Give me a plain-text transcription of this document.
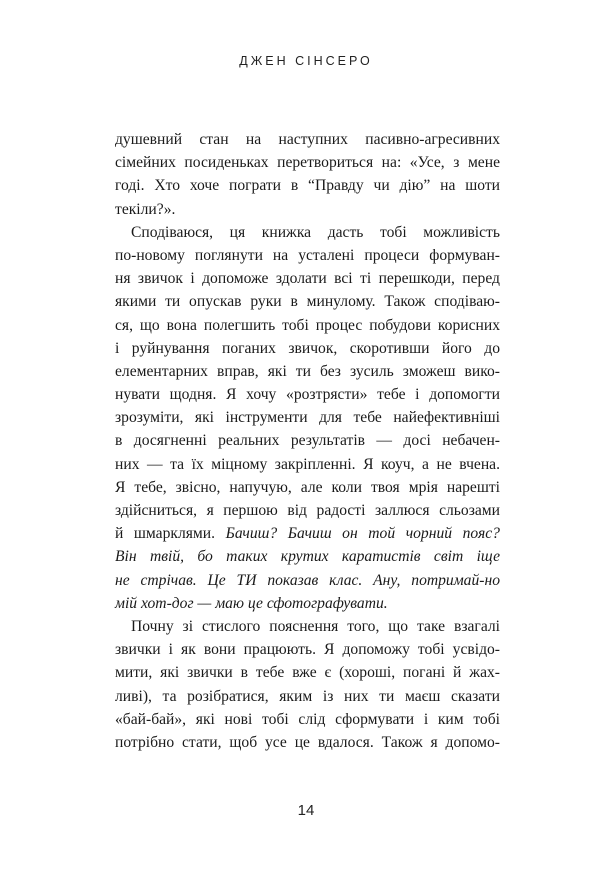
ДЖЕН СІНСЕРО
душевний стан на наступних пасивно-агресивних
сімейних посиденьках перетвориться на: «Усе, з мене
годі. Хто хоче пограти в “Правду чи дію” на шоти
текіли?».
Сподіваюся, ця книжка дасть тобі можливість
по-новому поглянути на усталені процеси формуван-
ня звичок і допоможе здолати всі ті перешкоди, перед
якими ти опускав руки в минулому. Також сподіваю-
ся, що вона полегшить тобі процес побудови корисних
і руйнування поганих звичок, скоротивши його до
елементарних вправ, які ти без зусиль зможеш вико-
нувати щодня. Я хочу «розтрясти» тебе і допомогти
зрозуміти, які інструменти для тебе найефективніші
в досягненні реальних результатів — досі небачен-
них — та їх міцному закріпленні. Я коуч, а не вчена.
Я тебе, звісно, напучую, але коли твоя мрія нарешті
здійсниться, я першою від радості заллюся сльозами
й шмарклями. Бачиш? Бачиш он той чорний пояс?
Він твій, бо таких крутих каратистів світ іще
не стрічав. Це ТИ показав клас. Ану, потримай-но
мій хот-дог — маю це сфотографувати.
Почну зі стислого пояснення того, що таке взагалі
звички і як вони працюють. Я допоможу тобі усвідо-
мити, які звички в тебе вже є (хороші, погані й жах-
ливі), та розібратися, яким із них ти маєш сказати
«бай-бай», які нові тобі слід сформувати і ким тобі
потрібно стати, щоб усе це вдалося. Також я допомо-
14
